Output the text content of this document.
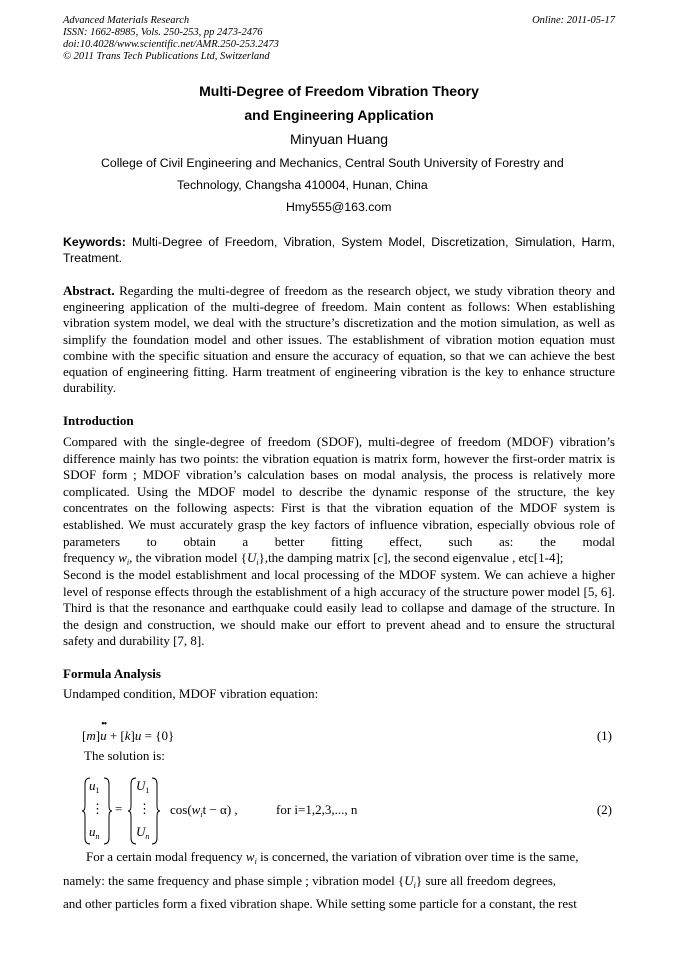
Advanced Materials Research
ISSN: 1662-8985, Vols. 250-253, pp 2473-2476
doi:10.4028/www.scientific.net/AMR.250-253.2473
© 2011 Trans Tech Publications Ltd, Switzerland
Online: 2011-05-17
Multi-Degree of Freedom Vibration Theory
and Engineering Application
Minyuan Huang
College of Civil Engineering and Mechanics, Central South University of Forestry and
Technology, Changsha 410004, Hunan, China
Hmy555@163.com
Keywords: Multi-Degree of Freedom, Vibration, System Model, Discretization, Simulation, Harm, Treatment.
Abstract. Regarding the multi-degree of freedom as the research object, we study vibration theory and engineering application of the multi-degree of freedom. Main content as follows: When establishing vibration system model, we deal with the structure’s discretization and the motion simulation, as well as simplify the foundation model and other issues. The establishment of vibration motion equation must combine with the specific situation and ensure the accuracy of equation, so that we can achieve the best equation of engineering fitting. Harm treatment of engineering vibration is the key to enhance structure durability.
Introduction
Compared with the single-degree of freedom (SDOF), multi-degree of freedom (MDOF) vibration’s difference mainly has two points: the vibration equation is matrix form, however the first-order matrix is SDOF form ; MDOF vibration’s calculation bases on modal analysis, the process is relatively more complicated. Using the MDOF model to describe the dynamic response of the structure, the key concentrates on the following aspects: First is that the vibration equation of the MDOF system is established. We must accurately grasp the key factors of influence vibration, especially obvious role of parameters to obtain a better fitting effect, such as: the modal frequency $w_i$, the vibration model $\{U_i\},the$ damping matrix [c], the second eigenvalue , etc[1-4];
Second is the model establishment and local processing of the MDOF system. We can achieve a higher level of response effects through the establishment of a high accuracy of the structure power model [5, 6]. Third is that the resonance and earthquake could easily lead to collapse and damage of the structure. In the design and construction, we should make our effort to prevent ahead and to ensure the structural safety and durability [7, 8].
Formula Analysis
Undamped condition, MDOF vibration equation:
[m]u
••
+ [k]u = {0}	(1)
The solution is:
$u_1$
⋮
$u_n$
=
$U_1$
⋮
$U_n$
$\cos(w_it - \alpha)$ ,	for i=1,2,3,..., n	(2)
For a certain modal frequency $w_i$ is concerned, the variation of vibration over time is the same,
namely: the same frequency and phase simple ; vibration model $\{U_i\}$ sure all freedom degrees,
and other particles form a fixed vibration shape. While setting some particle for a constant, the rest
